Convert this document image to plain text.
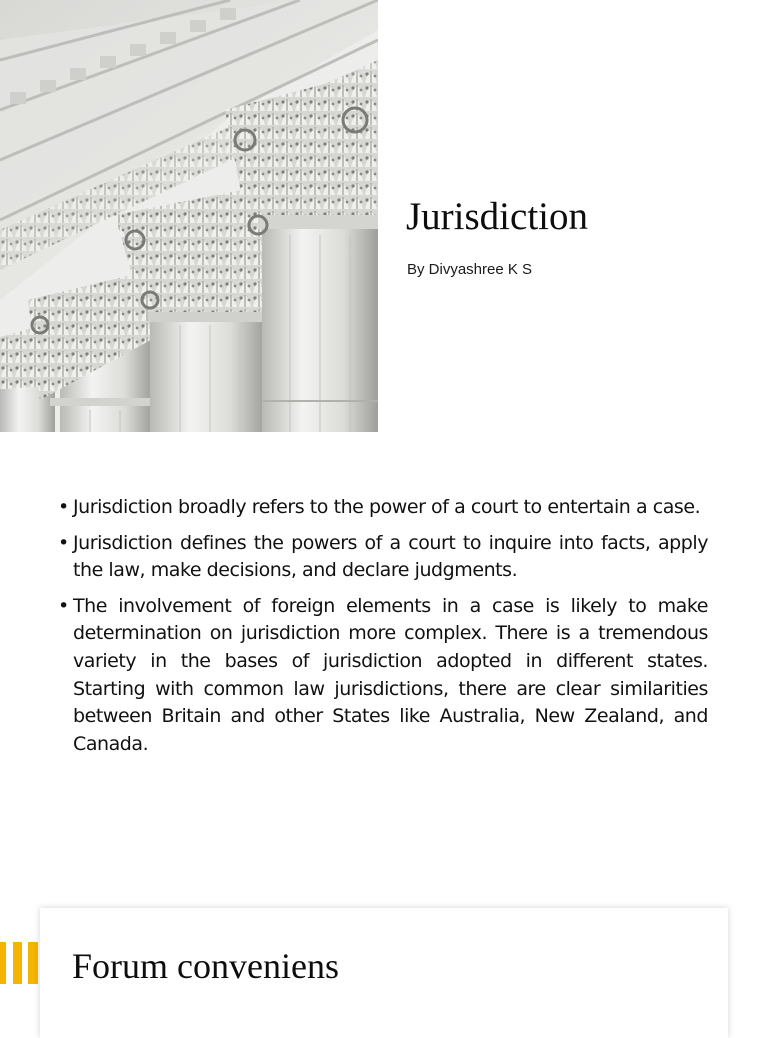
Jurisdiction
By Divyashree K S
• Jurisdiction broadly refers to the power of a court to entertain a case.
• Jurisdiction defines the powers of a court to inquire into facts, apply the law, make decisions, and declare judgments.
• The involvement of foreign elements in a case is likely to make determination on jurisdiction more complex. There is a tremendous variety in the bases of jurisdiction adopted in different states. Starting with common law jurisdictions, there are clear similarities between Britain and other States like Australia, New Zealand, and Canada.
Forum conveniens
